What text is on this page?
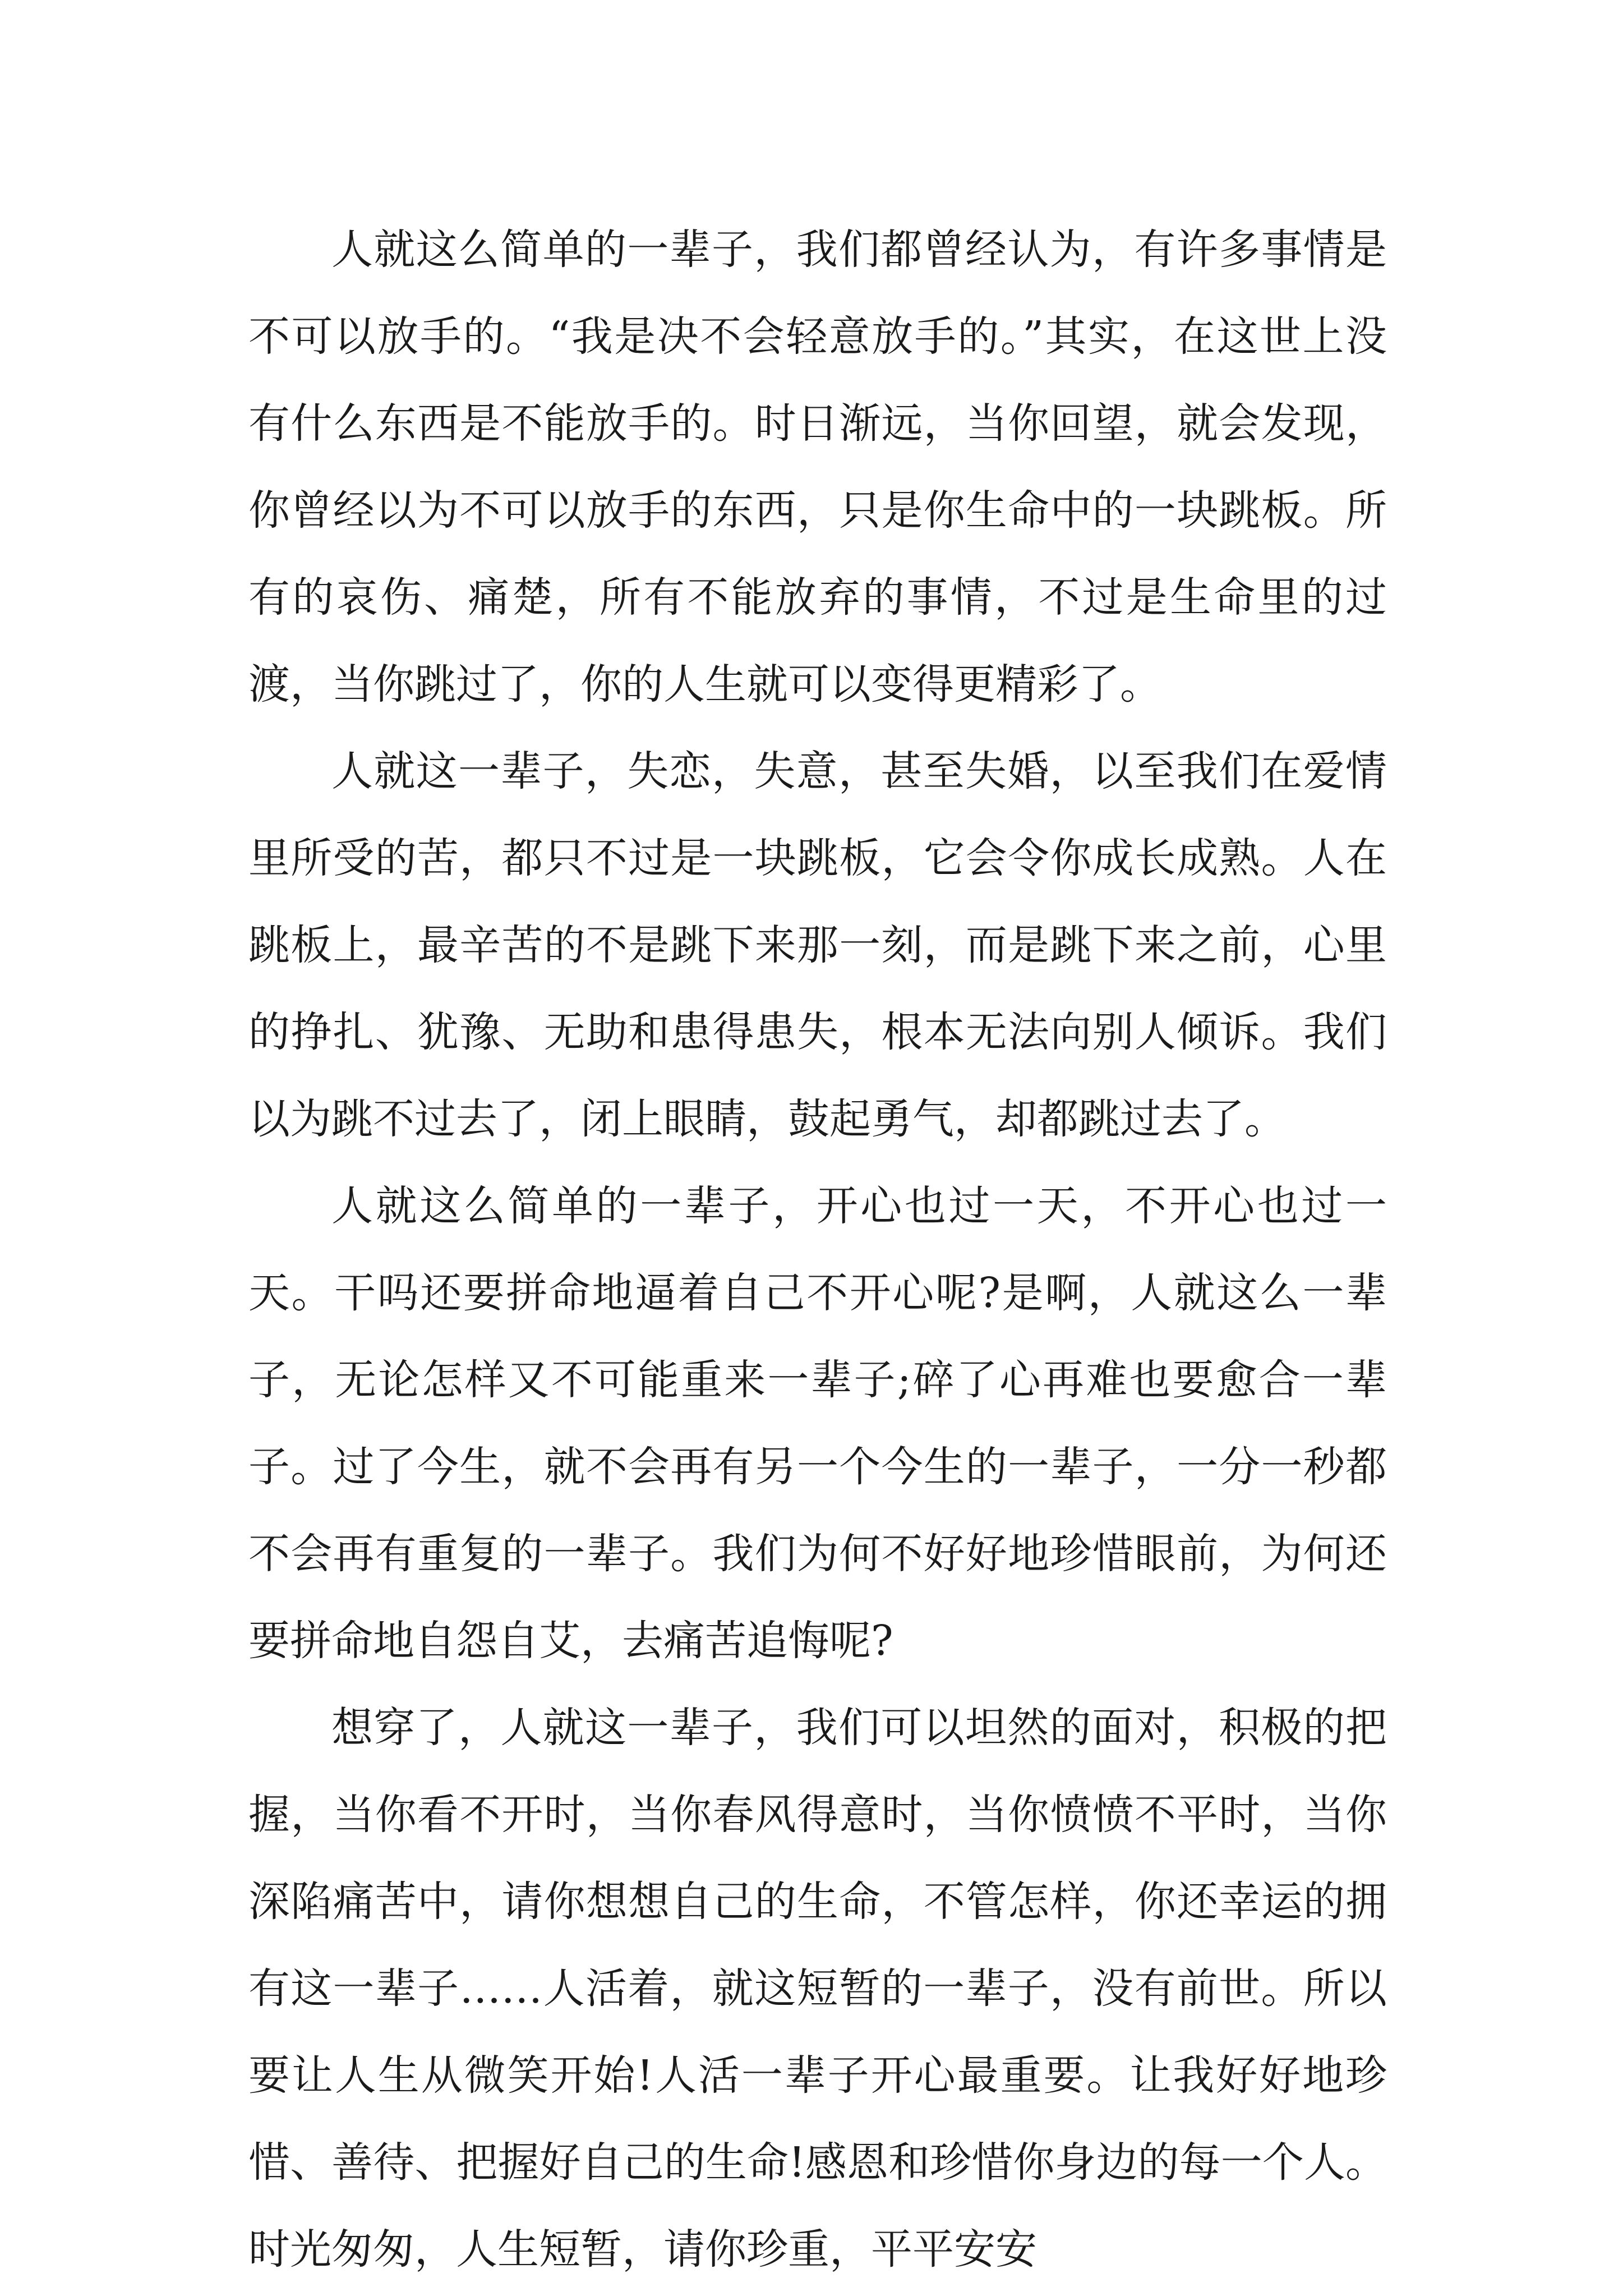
人就这么简单的一辈子，我们都曾经认为，有许多事情是不可以放手的。“我是决不会轻意放手的。”其实，在这世上没有什么东西是不能放手的。时日渐远，当你回望，就会发现，你曾经以为不可以放手的东西，只是你生命中的一块跳板。所有的哀伤、痛楚，所有不能放弃的事情，不过是生命里的过渡，当你跳过了，你的人生就可以变得更精彩了。

人就这一辈子，失恋，失意，甚至失婚，以至我们在爱情里所受的苦，都只不过是一块跳板，它会令你成长成熟。人在跳板上，最辛苦的不是跳下来那一刻，而是跳下来之前，心里的挣扎、犹豫、无助和患得患失，根本无法向别人倾诉。我们以为跳不过去了，闭上眼睛，鼓起勇气，却都跳过去了。

人就这么简单的一辈子，开心也过一天，不开心也过一天。干吗还要拼命地逼着自己不开心呢?是啊，人就这么一辈子，无论怎样又不可能重来一辈子;碎了心再难也要愈合一辈子。过了今生，就不会再有另一个今生的一辈子，一分一秒都不会再有重复的一辈子。我们为何不好好地珍惜眼前，为何还要拼命地自怨自艾，去痛苦追悔呢?

想穿了，人就这一辈子，我们可以坦然的面对，积极的把握，当你看不开时，当你春风得意时，当你愤愤不平时，当你深陷痛苦中，请你想想自己的生命，不管怎样，你还幸运的拥有这一辈子……人活着，就这短暂的一辈子，没有前世。所以要让人生从微笑开始!人活一辈子开心最重要。让我好好地珍惜、善待、把握好自己的生命!感恩和珍惜你身边的每一个人。时光匆匆，人生短暂，请你珍重，平平安安
